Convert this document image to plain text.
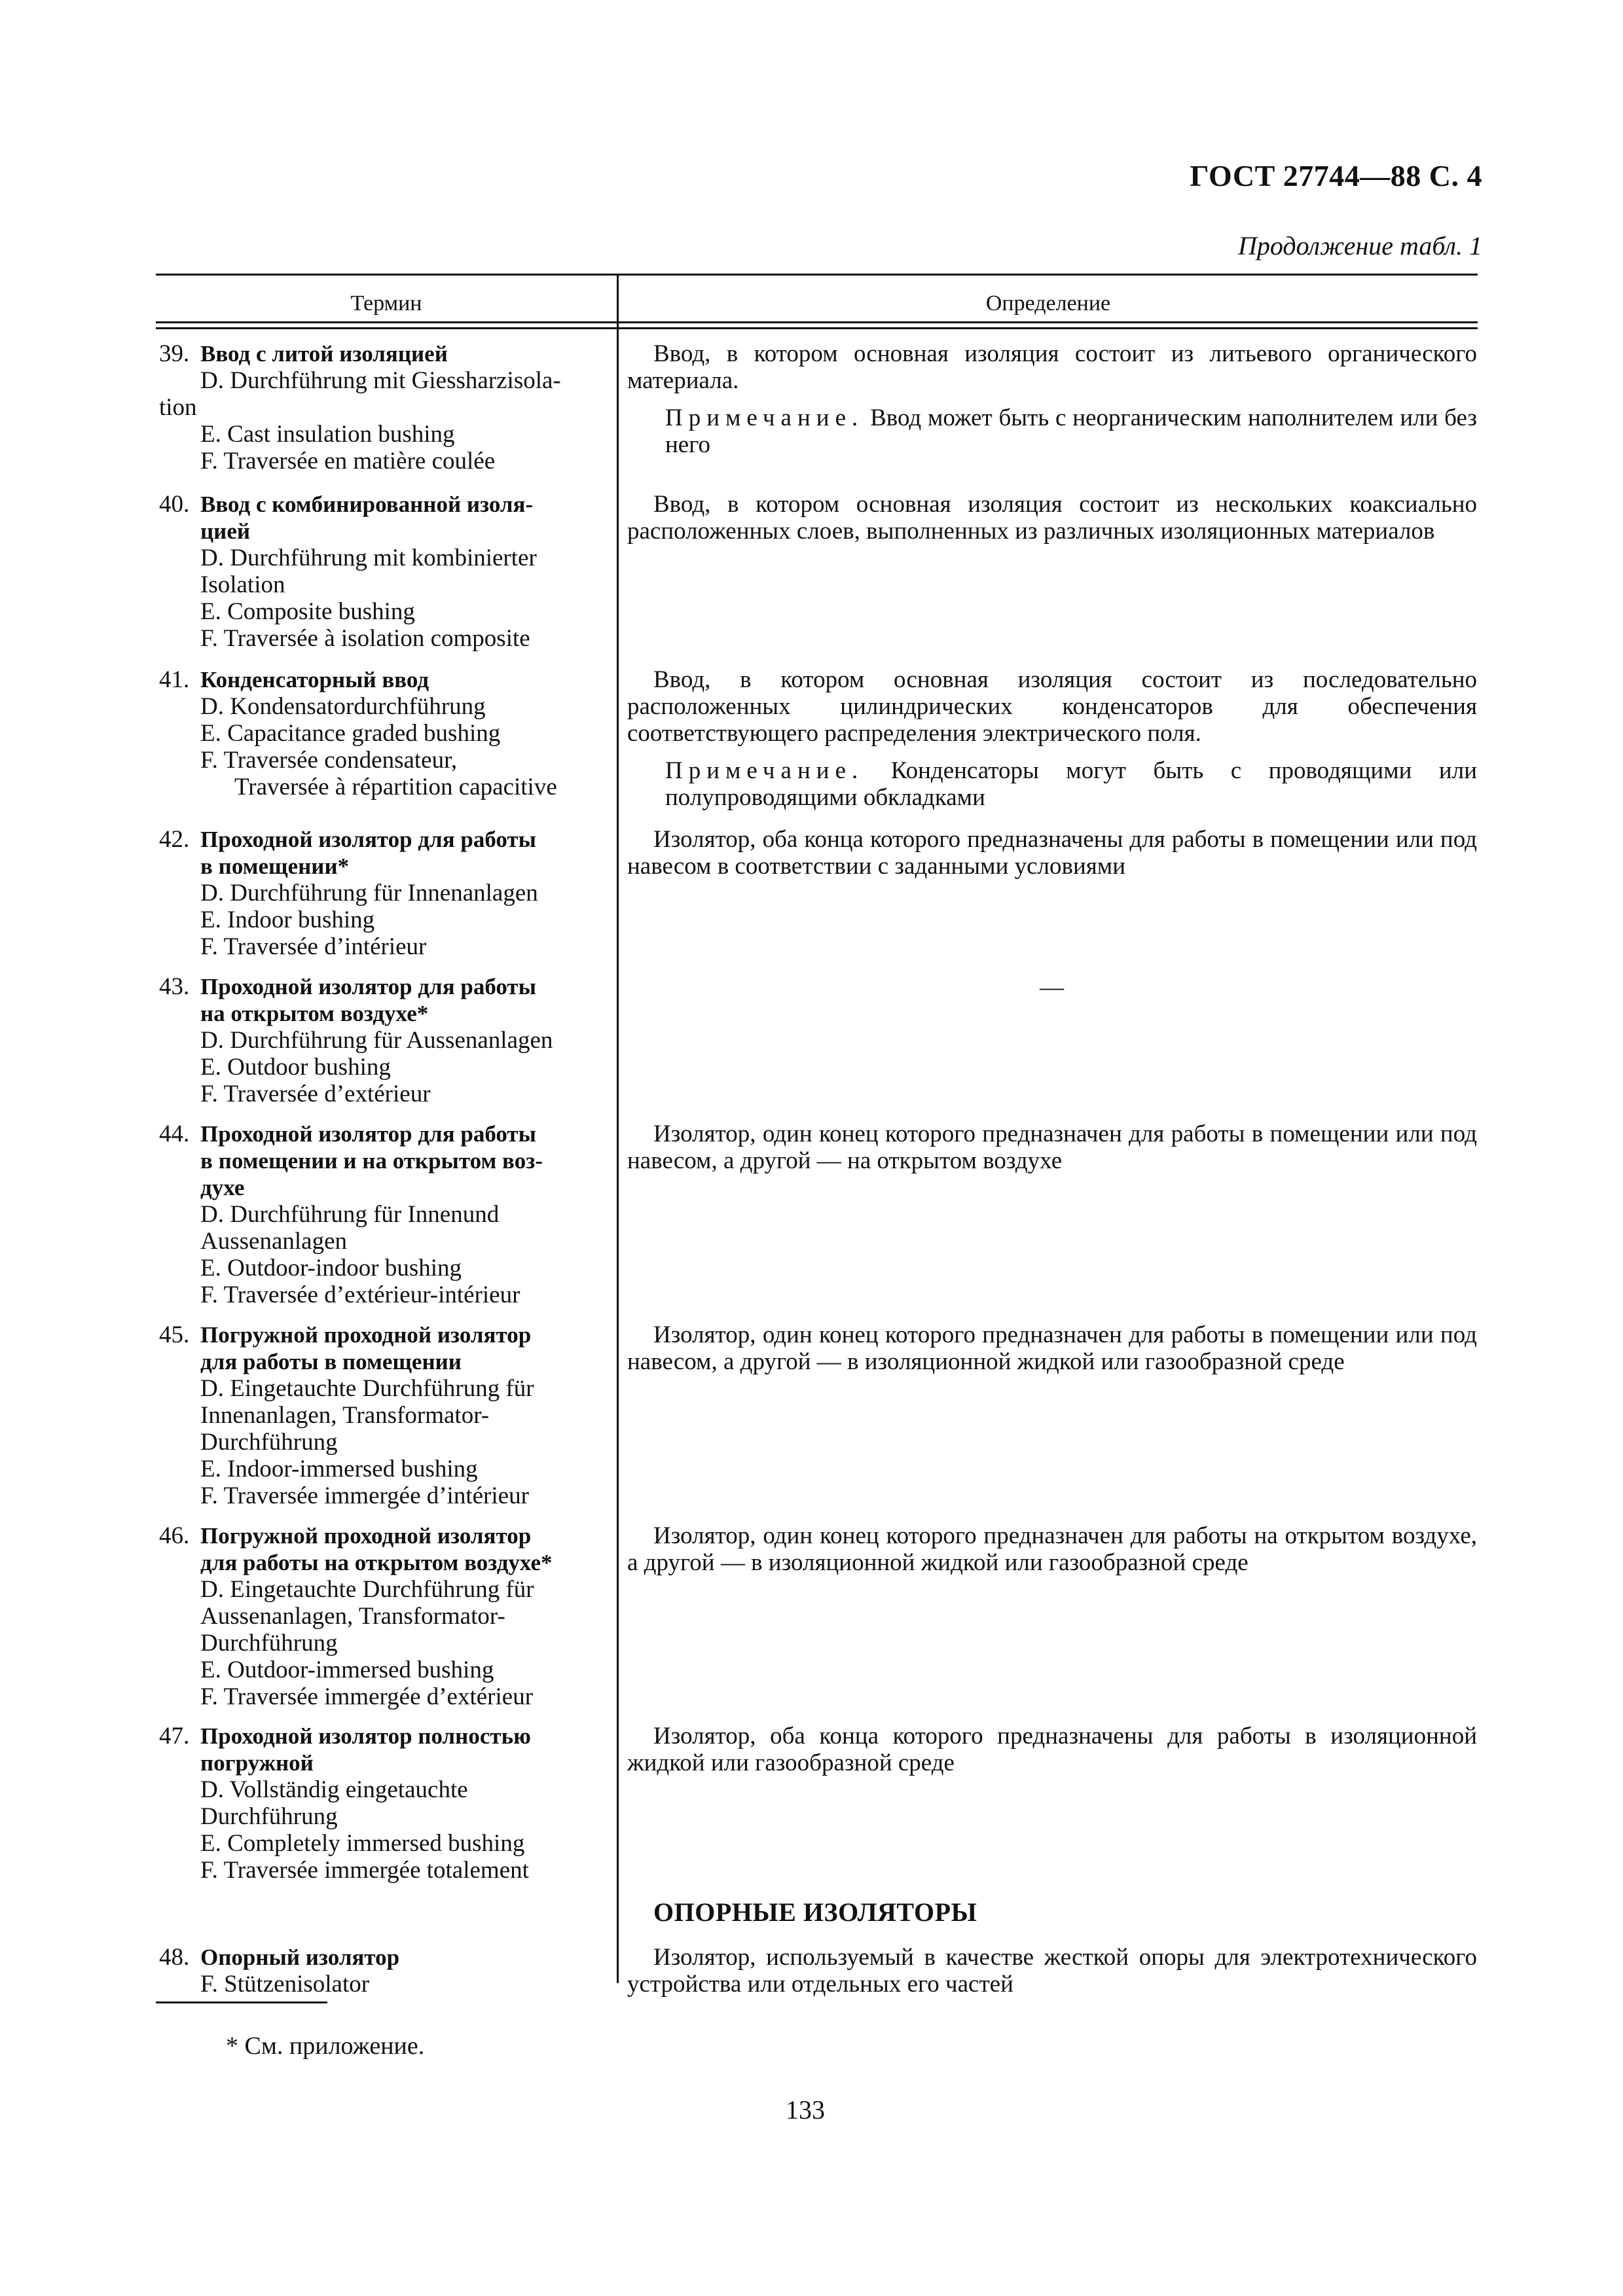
ГОСТ 27744—88 С. 4
Продолжение табл. 1
Термин	Определение
39. Ввод с литой изоляцией
D. Durchführung mit Giessharzisola-
tion
E. Cast insulation bushing
F. Traversée en matière coulée

Ввод, в котором основная изоляция состоит из литьевого органического материала.

Примечание. Ввод может быть с неорганическим наполнителем или без него

40. Ввод с комбинированной изоля-
цией
D. Durchführung mit kombinierter
Isolation
E. Composite bushing
F. Traversée à isolation composite

Ввод, в котором основная изоляция состоит из нескольких коаксиально расположенных слоев, выполненных из различных изоляционных материалов

41. Конденсаторный ввод
D. Kondensatordurchführung
E. Capacitance graded bushing
F. Traversée condensateur,
Traversée à répartition capacitive

Ввод, в котором основная изоляция состоит из последовательно расположенных цилиндрических конденсаторов для обеспечения соответствующего распределения электрического поля.

Примечание. Конденсаторы могут быть с проводящими или полупроводящими обкладками

42. Проходной изолятор для работы
в помещении*
D. Durchführung für Innenanlagen
E. Indoor bushing
F. Traversée d’intérieur

Изолятор, оба конца которого предназначены для работы в помещении или под навесом в соответствии с заданными условиями

43. Проходной изолятор для работы
на открытом воздухе*
D. Durchführung für Aussenanlagen
E. Outdoor bushing
F. Traversée d’extérieur
—
44. Проходной изолятор для работы
в помещении и на открытом воз-
духе
D. Durchführung für Innenund
Aussenanlagen
E. Outdoor-indoor bushing
F. Traversée d’extérieur-intérieur

Изолятор, один конец которого предназначен для работы в помещении или под навесом, а другой — на открытом воздухе

45. Погружной проходной изолятор
для работы в помещении
D. Eingetauchte Durchführung für
Innenanlagen, Transformator-
Durchführung
E. Indoor-immersed bushing
F. Traversée immergée d’intérieur

Изолятор, один конец которого предназначен для работы в помещении или под навесом, а другой — в изоляционной жидкой или газообразной среде

46. Погружной проходной изолятор
для работы на открытом воздухе*
D. Eingetauchte Durchführung für
Aussenanlagen, Transformator-
Durchführung
E. Outdoor-immersed bushing
F. Traversée immergée d’extérieur

Изолятор, один конец которого предназначен для работы на открытом воздухе, а другой — в изоляционной жидкой или газообразной среде

47. Проходной изолятор полностью
погружной
D. Vollständig eingetauchte
Durchführung
E. Completely immersed bushing
F. Traversée immergée totalement

Изолятор, оба конца которого предназначены для работы в изоляционной жидкой или газообразной среде

ОПОРНЫЕ ИЗОЛЯТОРЫ
48. Опорный изолятор
F. Stützenisolator

Изолятор, используемый в качестве жесткой опоры для электротехнического устройства или отдельных его частей

* См. приложение.
133
